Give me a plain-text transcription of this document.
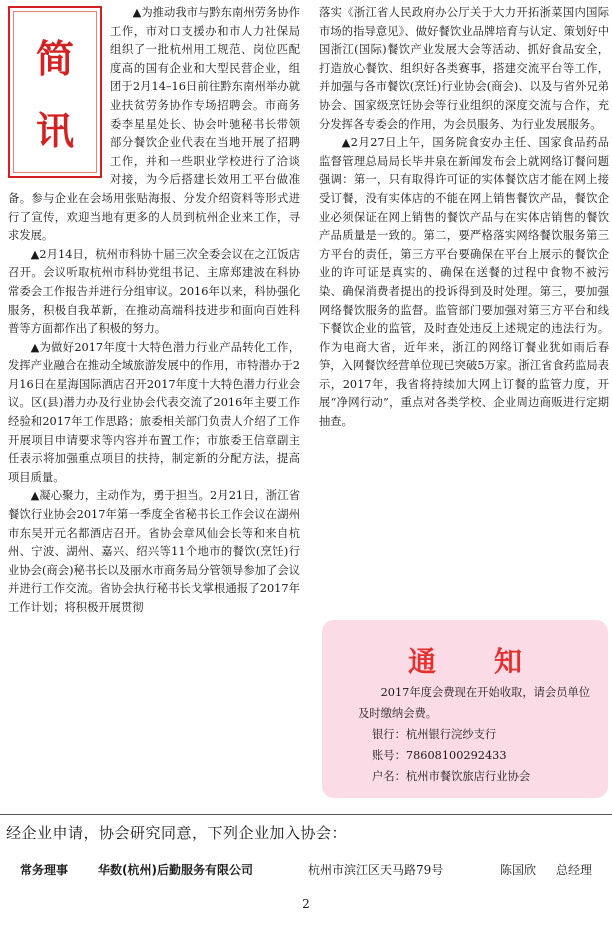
简
讯

▲为推动我市与黔东南州劳务协作工作，市对口支援办和市人力社保局组织了一批杭州用工规范、岗位匹配度高的国有企业和大型民营企业，组团于2月14–16日前往黔东南州举办就业扶贫劳务协作专场招聘会。市商务委李星星处长、协会叶驰秘书长带领部分餐饮企业代表在当地开展了招聘工作，并和一些职业学校进行了洽谈对接，为今后搭建长效用工平台做准备。参与企业在会场用张贴海报、分发介绍资料等形式进行了宣传，欢迎当地有更多的人员到杭州企业来工作，寻求发展。

▲2月14日，杭州市科协十届三次全委会议在之江饭店召开。会议听取杭州市科协党组书记、主席郑建波在科协常委会工作报告并进行分组审议。2016年以来，科协强化服务，积极自我革新，在推动高端科技进步和面向百姓科普等方面都作出了积极的努力。

▲为做好2017年度十大特色潜力行业产品转化工作，发挥产业融合在推动全域旅游发展中的作用，市特潜办于2月16日在星海国际酒店召开2017年度十大特色潜力行业会议。区(县)潜力办及行业协会代表交流了2016年主要工作经验和2017年工作思路；旅委相关部门负责人介绍了工作开展项目申请要求等内容并布置工作；市旅委王信章副主任表示将加强重点项目的扶持，制定新的分配方法，提高项目质量。

▲凝心聚力，主动作为，勇于担当。2月21日，浙江省餐饮行业协会2017年第一季度全省秘书长工作会议在湖州市东吴开元名都酒店召开。省协会章风仙会长等和来自杭州、宁波、湖州、嘉兴、绍兴等11个地市的餐饮(烹饪)行业协会(商会)秘书长以及丽水市商务局分管领导参加了会议并进行工作交流。省协会执行秘书长戈掌根通报了2017年工作计划；将积极开展贯彻

落实《浙江省人民政府办公厅关于大力开拓浙菜国内国际市场的指导意见》、做好餐饮业品牌培育与认定、策划好中国浙江(国际)餐饮产业发展大会等活动、抓好食品安全，打造放心餐饮、组织好各类赛事，搭建交流平台等工作，并加强与各市餐饮(烹饪)行业协会(商会)、以及与省外兄弟协会、国家级烹饪协会等行业组织的深度交流与合作，充分发挥各专委会的作用，为会员服务、为行业发展服务。

▲2月27日上午，国务院食安办主任、国家食品药品监督管理总局局长毕井泉在新闻发布会上就网络订餐问题强调：第一，只有取得许可证的实体餐饮店才能在网上接受订餐，没有实体店的不能在网上销售餐饮产品，餐饮企业必须保证在网上销售的餐饮产品与在实体店销售的餐饮产品质量是一致的。第二，要严格落实网络餐饮服务第三方平台的责任，第三方平台要确保在平台上展示的餐饮企业的许可证是真实的、确保在送餐的过程中食物不被污染、确保消费者提出的投诉得到及时处理。第三，要加强网络餐饮服务的监督。监管部门要加强对第三方平台和线下餐饮企业的监管，及时查处违反上述规定的违法行为。作为电商大省，近年来，浙江的网络订餐业犹如雨后春笋，入网餐饮经营单位现已突破5万家。浙江省食药监局表示，2017年，我省将持续加大网上订餐的监管力度，开展“净网行动”，重点对各类学校、企业周边商贩进行定期抽查。

通 知

2017年度会费现在开始收取，请会员单位及时缴纳会费。

银行：杭州银行浣纱支行

账号：78608100292433

户名：杭州市餐饮旅店行业协会

经企业申请，协会研究同意，下列企业加入协会：
常务理事 华数(杭州)后勤服务有限公司	杭州市滨江区天马路79号	陈国欣 总经理
2
